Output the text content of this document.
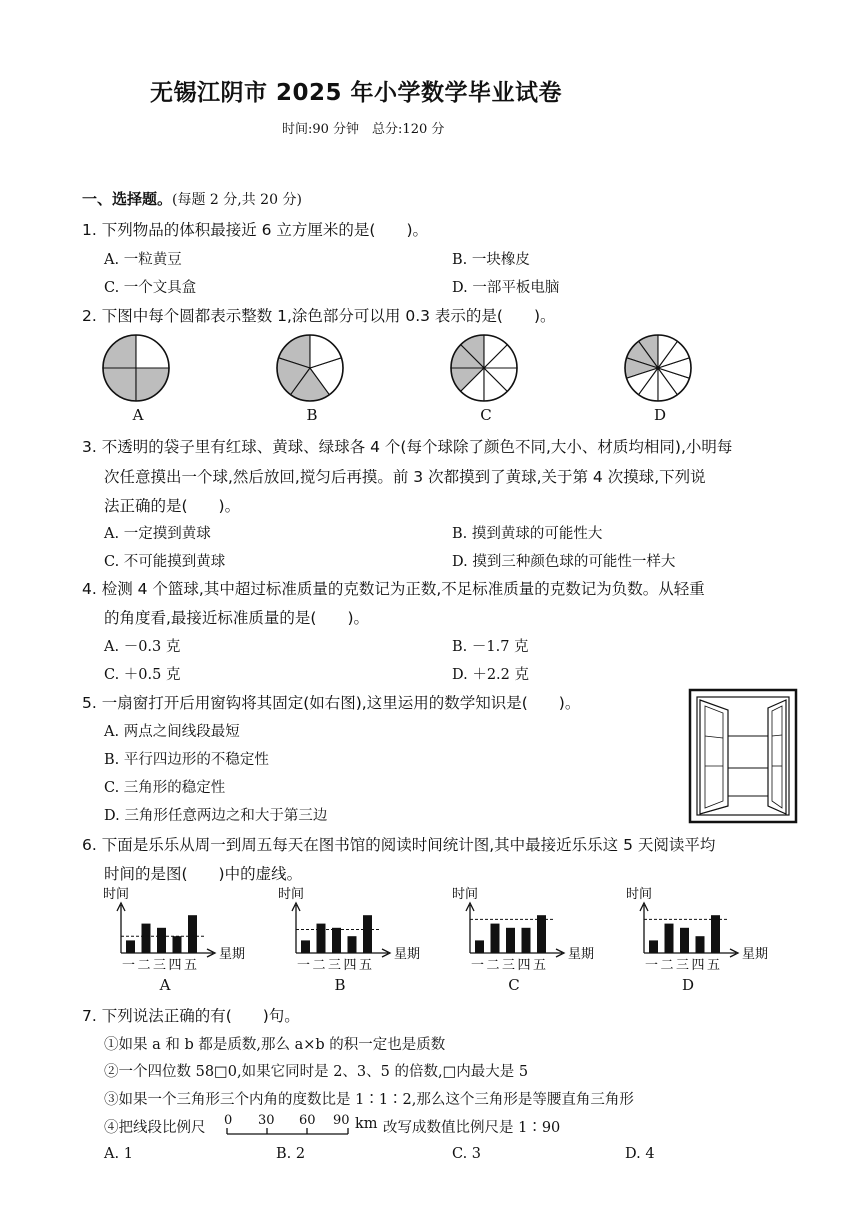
无锡江阴市 2025 年小学数学毕业试卷
时间:90 分钟　总分:120 分
一、选择题。(每题 2 分,共 20 分)
1. 下列物品的体积最接近 6 立方厘米的是(　　)。
A. 一粒黄豆	B. 一块橡皮
C. 一个文具盒	D. 一部平板电脑
2. 下图中每个圆都表示整数 1,涂色部分可以用 0.3 表示的是(　　)。
A	B	C	D
3. 不透明的袋子里有红球、黄球、绿球各 4 个(每个球除了颜色不同,大小、材质均相同),小明每
次任意摸出一个球,然后放回,搅匀后再摸。前 3 次都摸到了黄球,关于第 4 次摸球,下列说
法正确的是(　　)。
A. 一定摸到黄球	B. 摸到黄球的可能性大
C. 不可能摸到黄球	D. 摸到三种颜色球的可能性一样大
4. 检测 4 个篮球,其中超过标准质量的克数记为正数,不足标准质量的克数记为负数。从轻重
的角度看,最接近标准质量的是(　　)。
A. －0.3 克	B. －1.7 克
C. ＋0.5 克	D. ＋2.2 克
5. 一扇窗打开后用窗钩将其固定(如右图),这里运用的数学知识是(　　)。
A. 两点之间线段最短
B. 平行四边形的不稳定性
C. 三角形的稳定性
D. 三角形任意两边之和大于第三边
6. 下面是乐乐从周一到周五每天在图书馆的阅读时间统计图,其中最接近乐乐这 5 天阅读平均
时间的是图(　　)中的虚线。
时间
星期
一 二 三 四 五
时间
星期
一 二 三 四 五
时间
星期
一 二 三 四 五
时间
星期
一 二 三 四 五
A	B	C	D
7. 下列说法正确的有(　　)句。
①如果 a 和 b 都是质数,那么 a×b 的积一定也是质数
②一个四位数 58□0,如果它同时是 2、3、5 的倍数,□内最大是 5
③如果一个三角形三个内角的度数比是 1∶1∶2,那么这个三角形是等腰直角三角形
④把线段比例尺 0 30 60 90 km 改写成数值比例尺是 1∶90
A. 1	B. 2	C. 3	D. 4
